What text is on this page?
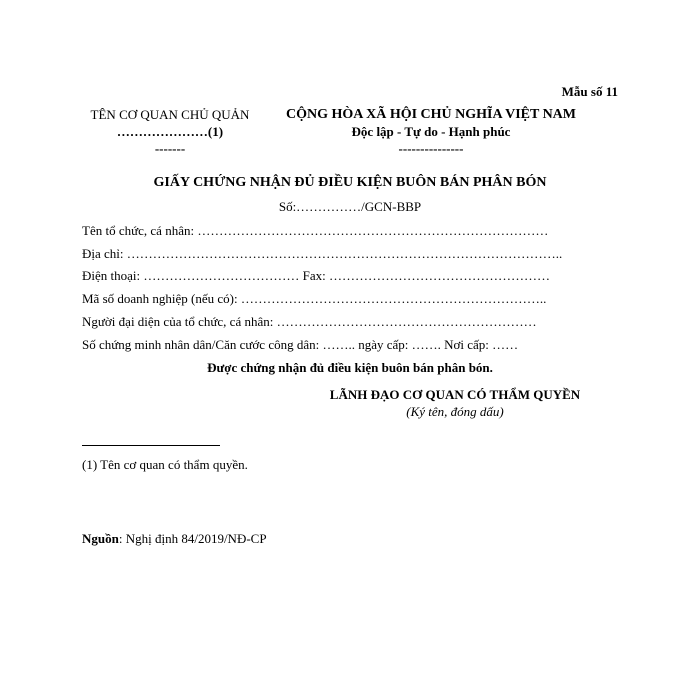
Mẫu số 11
TÊN CƠ QUAN CHỦ QUẢN
…………………(1)
-------
CỘNG HÒA XÃ HỘI CHỦ NGHĨA VIỆT NAM
Độc lập - Tự do - Hạnh phúc
---------------
GIẤY CHỨNG NHẬN ĐỦ ĐIỀU KIỆN BUÔN BÁN PHÂN BÓN
Số:……………/GCN-BBP
Tên tổ chức, cá nhân: ………………………………………………………………………
Địa chỉ: ………………………………………………………………………………………..
Điện thoại: ……………………………… Fax: ……………………………………………
Mã số doanh nghiệp (nếu có): ……………………………………………………………..
Người đại diện của tổ chức, cá nhân: ……………………………………………………
Số chứng minh nhân dân/Căn cước công dân: …….. ngày cấp: ……. Nơi cấp: ……
Được chứng nhận đủ điều kiện buôn bán phân bón.
LÃNH ĐẠO CƠ QUAN CÓ THẨM QUYỀN
(Ký tên, đóng dấu)
(1) Tên cơ quan có thẩm quyền.
Nguồn: Nghị định 84/2019/NĐ-CP
